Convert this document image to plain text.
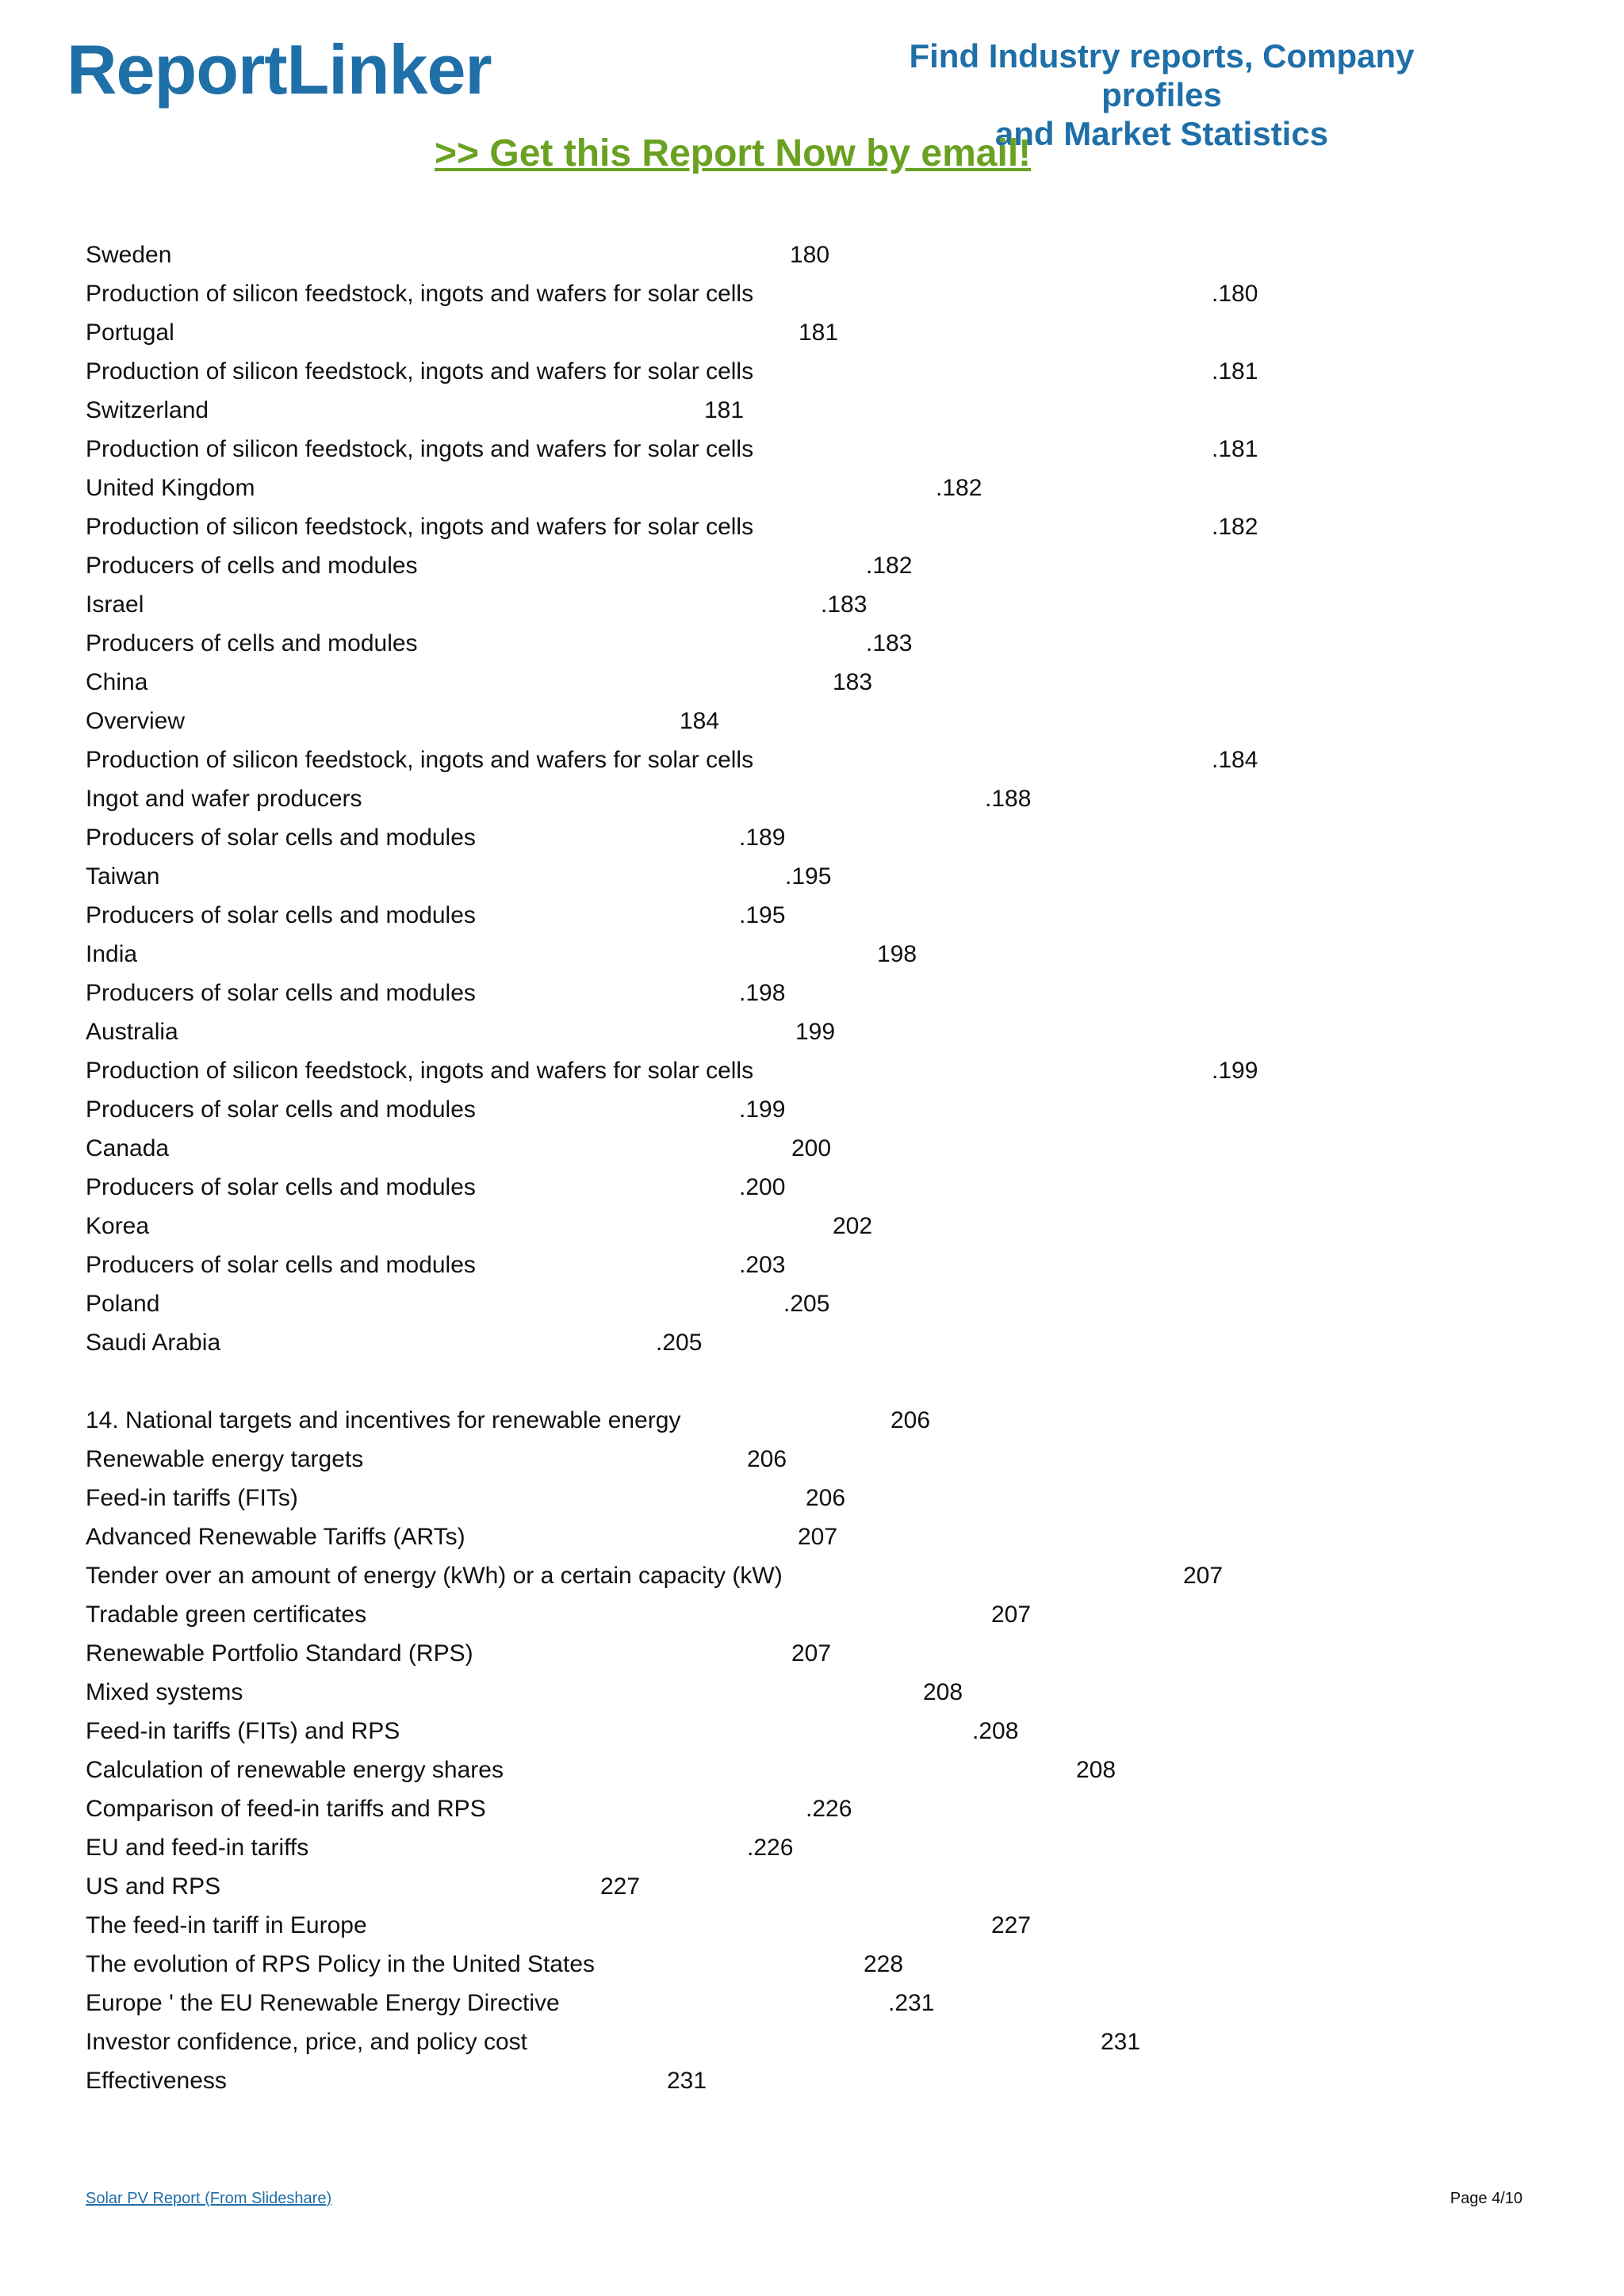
ReportLinker	Find Industry reports, Company profiles
and Market Statistics
>> Get this Report Now by email!
Sweden	180
Production of silicon feedstock, ingots and wafers for solar cells	.180
Portugal	181
Production of silicon feedstock, ingots and wafers for solar cells	.181
Switzerland	181
Production of silicon feedstock, ingots and wafers for solar cells	.181
United Kingdom	.182
Production of silicon feedstock, ingots and wafers for solar cells	.182
Producers of cells and modules	.182
Israel	.183
Producers of cells and modules	.183
China	183
Overview	184
Production of silicon feedstock, ingots and wafers for solar cells	.184
Ingot and wafer producers	.188
Producers of solar cells and modules	.189
Taiwan	.195
Producers of solar cells and modules	.195
India	198
Producers of solar cells and modules	.198
Australia	199
Production of silicon feedstock, ingots and wafers for solar cells	.199
Producers of solar cells and modules	.199
Canada	200
Producers of solar cells and modules	.200
Korea	202
Producers of solar cells and modules	.203
Poland	.205
Saudi Arabia	.205
14. National targets and incentives for renewable energy	206
Renewable energy targets	206
Feed-in tariffs (FITs)	206
Advanced Renewable Tariffs (ARTs)	207
Tender over an amount of energy (kWh) or a certain capacity (kW)	207
Tradable green certificates	207
Renewable Portfolio Standard (RPS)	207
Mixed systems	208
Feed-in tariffs (FITs) and RPS	.208
Calculation of renewable energy shares	208
Comparison of feed-in tariffs and RPS	.226
EU and feed-in tariffs	.226
US and RPS	227
The feed-in tariff in Europe	227
The evolution of RPS Policy in the United States	228
Europe ' the EU Renewable Energy Directive	.231
Investor confidence, price, and policy cost	231
Effectiveness	231
Solar PV Report (From Slideshare)	Page 4/10
